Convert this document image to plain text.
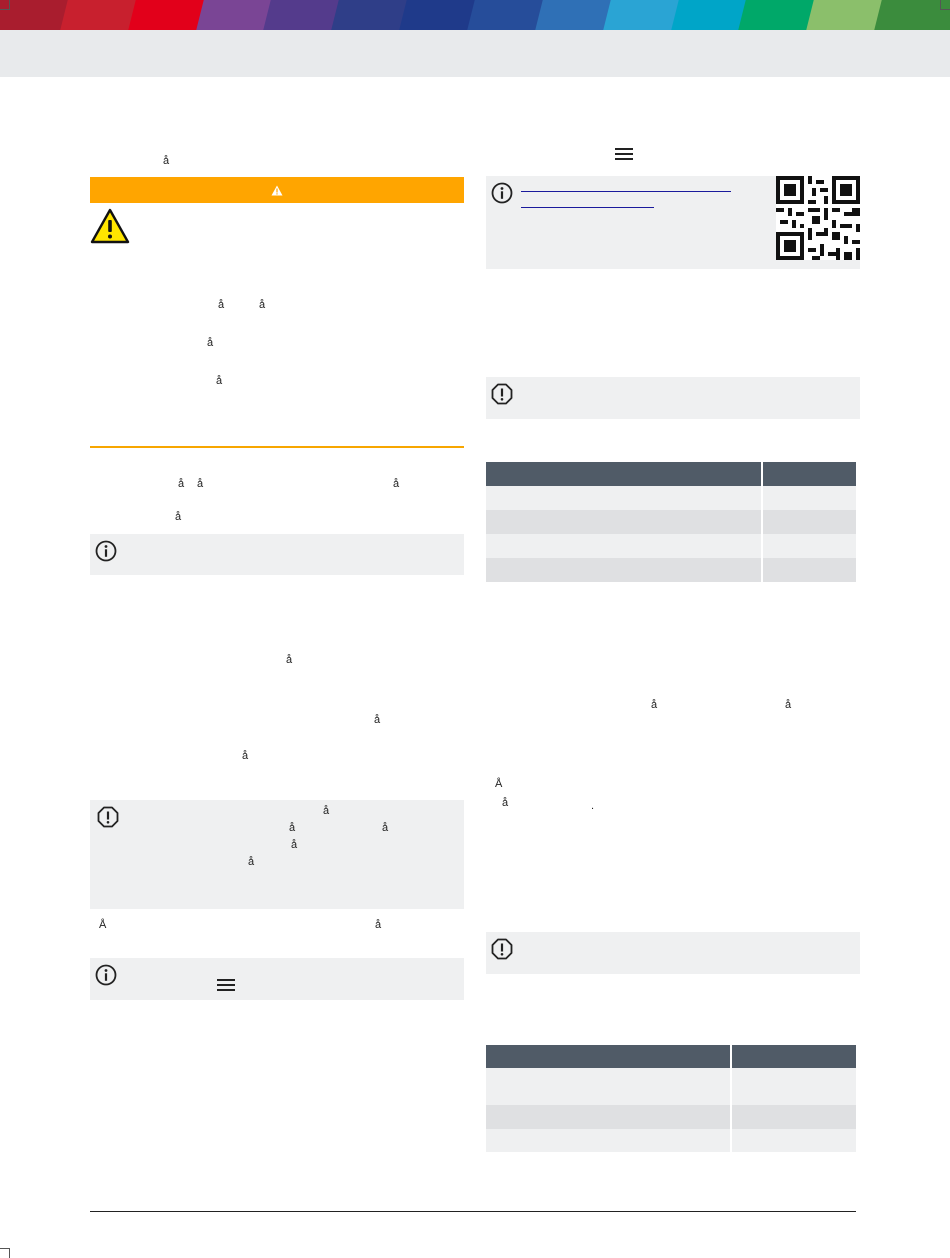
å
å	å
å
å
å å	å
å
å
å
å
å
å	å
å
å
Å	å

å	å
Å
å	.
